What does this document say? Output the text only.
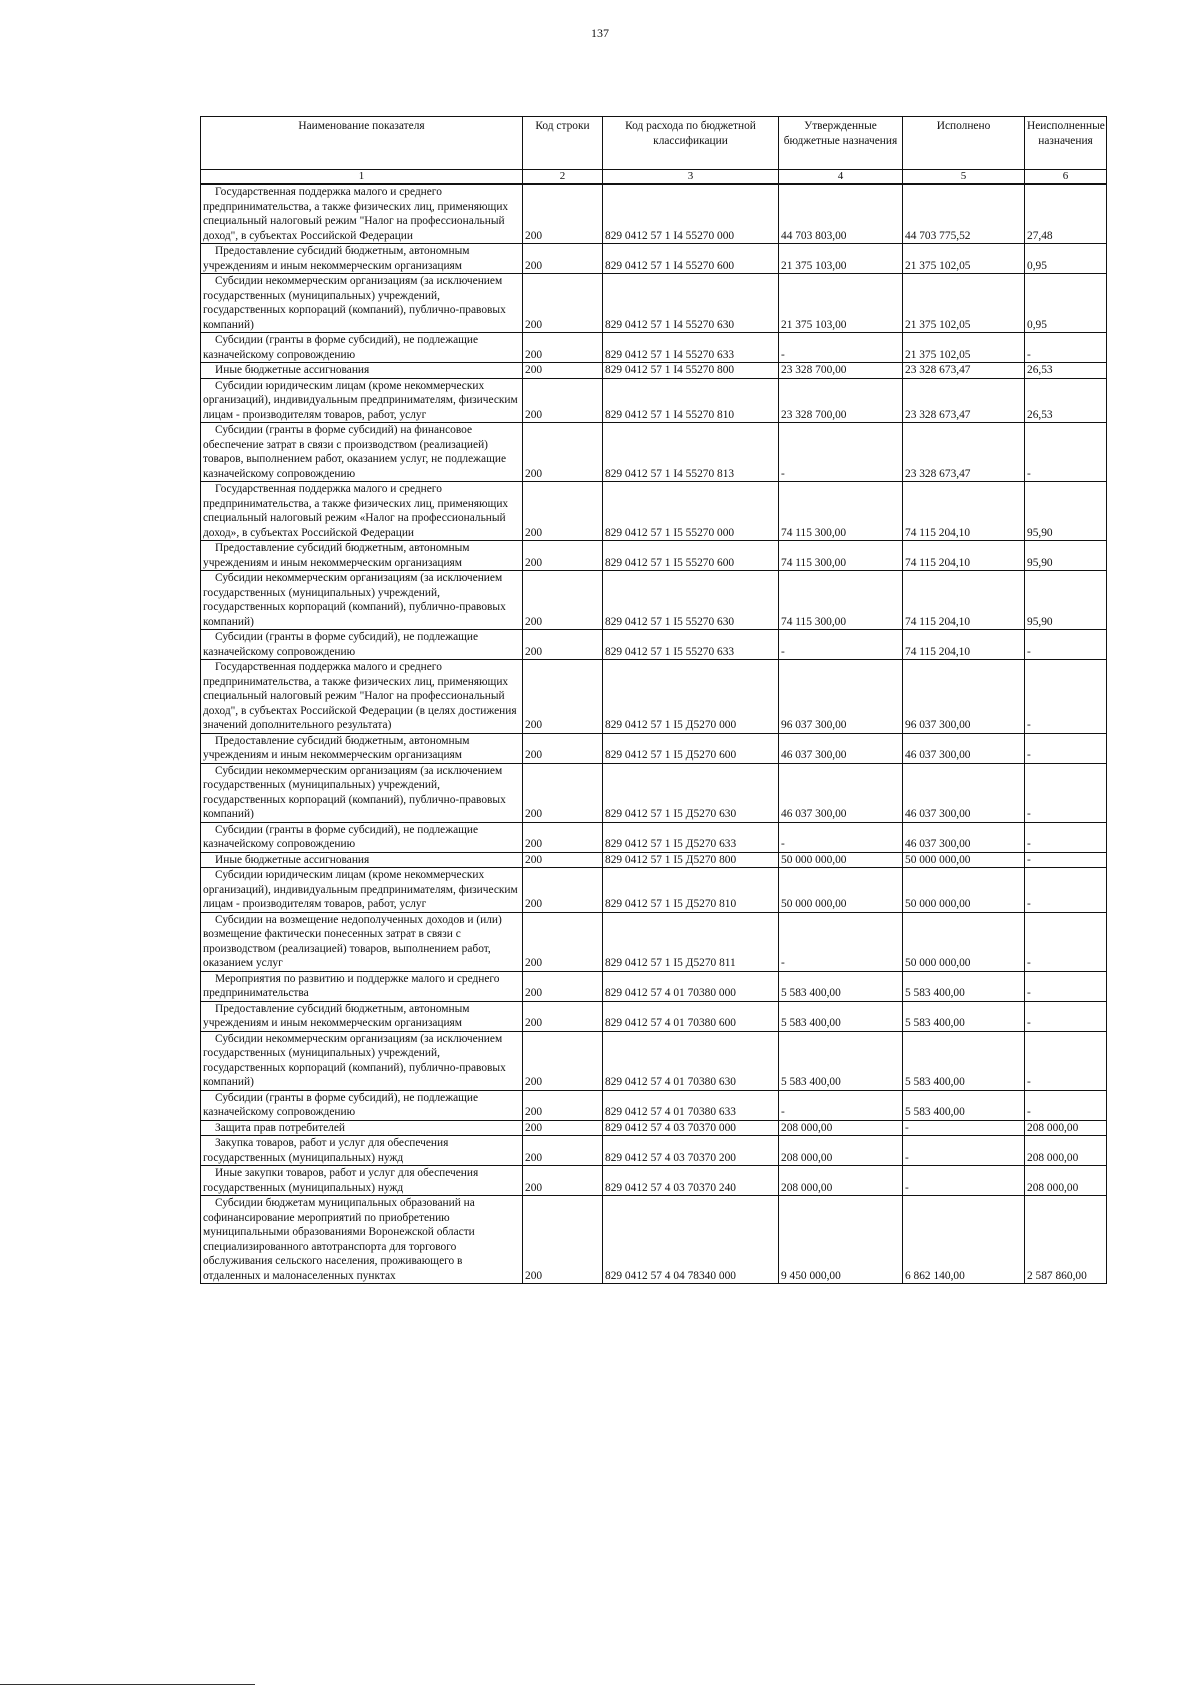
137
Наименование показателя	Код строки	Код расхода по бюджетной классификации	Утвержденные бюджетные назначения	Исполнено	Неисполненные назначения
1	2	3	4	5	6
Государственная поддержка малого и среднего предпринимательства, а также физических лиц, применяющих специальный налоговый режим "Налог на профессиональный доход", в субъектах Российской Федерации	200	829 0412 57 1 I4 55270 000	44 703 803,00	44 703 775,52	27,48
Предоставление субсидий бюджетным, автономным учреждениям и иным некоммерческим организациям	200	829 0412 57 1 I4 55270 600	21 375 103,00	21 375 102,05	0,95
Субсидии некоммерческим организациям (за исключением государственных (муниципальных) учреждений, государственных корпораций (компаний), публично-правовых компаний)	200	829 0412 57 1 I4 55270 630	21 375 103,00	21 375 102,05	0,95
Субсидии (гранты в форме субсидий), не подлежащие казначейскому сопровождению	200	829 0412 57 1 I4 55270 633	-	21 375 102,05	-
Иные бюджетные ассигнования	200	829 0412 57 1 I4 55270 800	23 328 700,00	23 328 673,47	26,53
Субсидии юридическим лицам (кроме некоммерческих организаций), индивидуальным предпринимателям, физическим лицам - производителям товаров, работ, услуг	200	829 0412 57 1 I4 55270 810	23 328 700,00	23 328 673,47	26,53
Субсидии (гранты в форме субсидий) на финансовое обеспечение затрат в связи с производством (реализацией) товаров, выполнением работ, оказанием услуг, не подлежащие казначейскому сопровождению	200	829 0412 57 1 I4 55270 813	-	23 328 673,47	-
Государственная поддержка малого и среднего предпринимательства, а также физических лиц, применяющих специальный налоговый режим «Налог на профессиональный доход», в субъектах Российской Федерации	200	829 0412 57 1 I5 55270 000	74 115 300,00	74 115 204,10	95,90
Предоставление субсидий бюджетным, автономным учреждениям и иным некоммерческим организациям	200	829 0412 57 1 I5 55270 600	74 115 300,00	74 115 204,10	95,90
Субсидии некоммерческим организациям (за исключением государственных (муниципальных) учреждений, государственных корпораций (компаний), публично-правовых компаний)	200	829 0412 57 1 I5 55270 630	74 115 300,00	74 115 204,10	95,90
Субсидии (гранты в форме субсидий), не подлежащие казначейскому сопровождению	200	829 0412 57 1 I5 55270 633	-	74 115 204,10	-
Государственная поддержка малого и среднего предпринимательства, а также физических лиц, применяющих специальный налоговый режим "Налог на профессиональный доход", в субъектах Российской Федерации (в целях достижения значений дополнительного результата)	200	829 0412 57 1 I5 Д5270 000	96 037 300,00	96 037 300,00	-
Предоставление субсидий бюджетным, автономным учреждениям и иным некоммерческим организациям	200	829 0412 57 1 I5 Д5270 600	46 037 300,00	46 037 300,00	-
Субсидии некоммерческим организациям (за исключением государственных (муниципальных) учреждений, государственных корпораций (компаний), публично-правовых компаний)	200	829 0412 57 1 I5 Д5270 630	46 037 300,00	46 037 300,00	-
Субсидии (гранты в форме субсидий), не подлежащие казначейскому сопровождению	200	829 0412 57 1 I5 Д5270 633	-	46 037 300,00	-
Иные бюджетные ассигнования	200	829 0412 57 1 I5 Д5270 800	50 000 000,00	50 000 000,00	-
Субсидии юридическим лицам (кроме некоммерческих организаций), индивидуальным предпринимателям, физическим лицам - производителям товаров, работ, услуг	200	829 0412 57 1 I5 Д5270 810	50 000 000,00	50 000 000,00	-
Субсидии на возмещение недополученных доходов и (или) возмещение фактически понесенных затрат в связи с производством (реализацией) товаров, выполнением работ, оказанием услуг	200	829 0412 57 1 I5 Д5270 811	-	50 000 000,00	-
Мероприятия по развитию и поддержке малого и среднего предпринимательства	200	829 0412 57 4 01 70380 000	5 583 400,00	5 583 400,00	-
Предоставление субсидий бюджетным, автономным учреждениям и иным некоммерческим организациям	200	829 0412 57 4 01 70380 600	5 583 400,00	5 583 400,00	-
Субсидии некоммерческим организациям (за исключением государственных (муниципальных) учреждений, государственных корпораций (компаний), публично-правовых компаний)	200	829 0412 57 4 01 70380 630	5 583 400,00	5 583 400,00	-
Субсидии (гранты в форме субсидий), не подлежащие казначейскому сопровождению	200	829 0412 57 4 01 70380 633	-	5 583 400,00	-
Защита прав потребителей	200	829 0412 57 4 03 70370 000	208 000,00	-	208 000,00
Закупка товаров, работ и услуг для обеспечения государственных (муниципальных) нужд	200	829 0412 57 4 03 70370 200	208 000,00	-	208 000,00
Иные закупки товаров, работ и услуг для обеспечения государственных (муниципальных) нужд	200	829 0412 57 4 03 70370 240	208 000,00	-	208 000,00
Субсидии бюджетам муниципальных образований на софинансирование мероприятий по приобретению муниципальными образованиями Воронежской области специализированного автотранспорта для торгового обслуживания сельского населения, проживающего в отдаленных и малонаселенных пунктах	200	829 0412 57 4 04 78340 000	9 450 000,00	6 862 140,00	2 587 860,00
